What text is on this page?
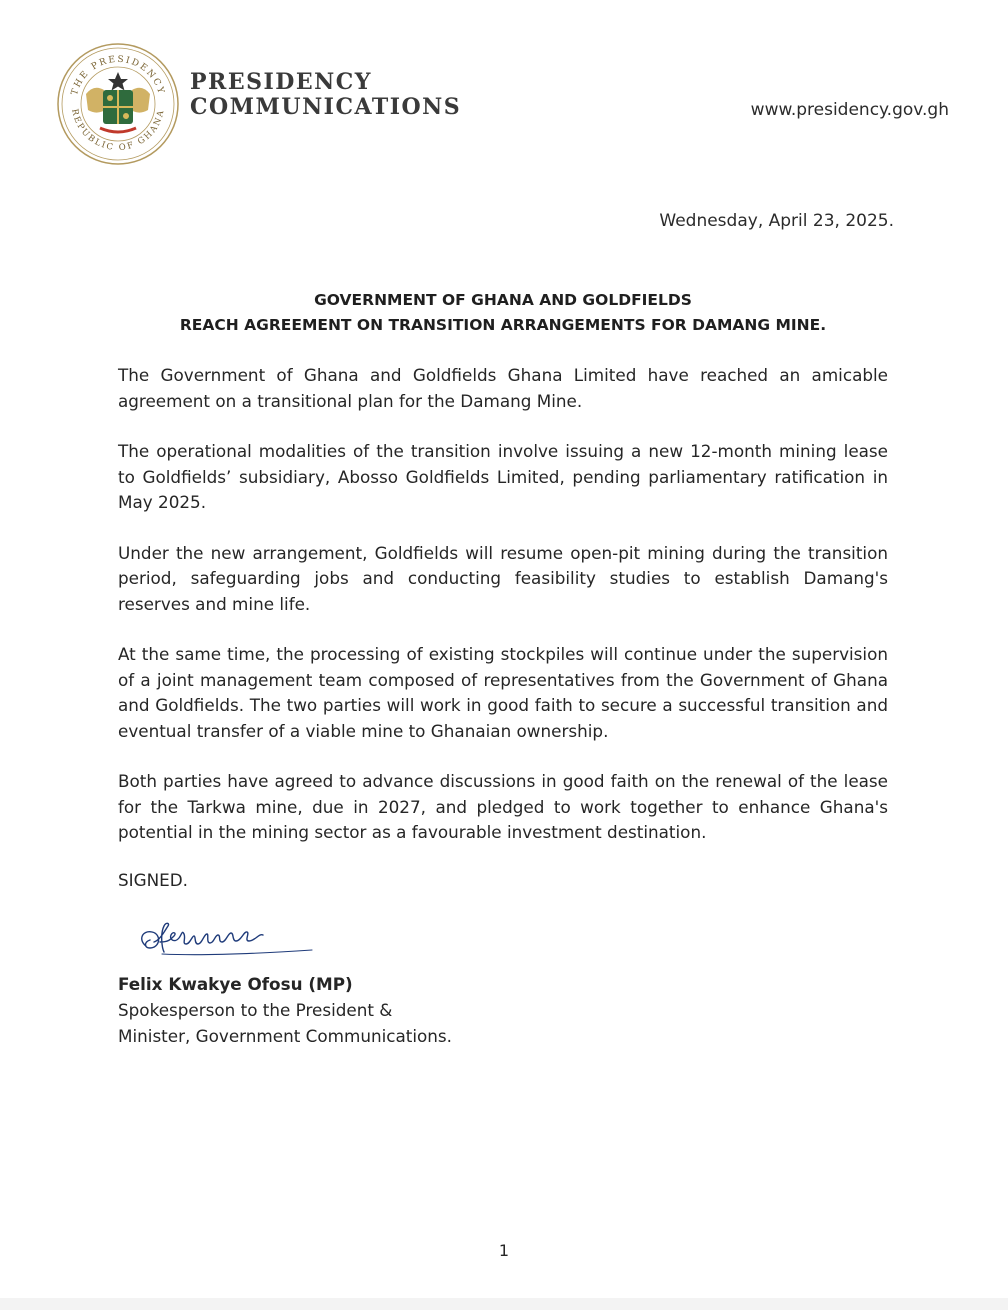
THE PRESIDENCY
REPUBLIC OF GHANA
PRESIDENCY
COMMUNICATIONS	www.presidency.gov.gh
Wednesday, April 23, 2025.
GOVERNMENT OF GHANA AND GOLDFIELDS
REACH AGREEMENT ON TRANSITION ARRANGEMENTS FOR DAMANG MINE.

The Government of Ghana and Goldfields Ghana Limited have reached an amicable agreement on a transitional plan for the Damang Mine.

The operational modalities of the transition involve issuing a new 12-month mining lease to Goldfields’ subsidiary, Abosso Goldfields Limited, pending parliamentary ratification in May 2025.

Under the new arrangement, Goldfields will resume open-pit mining during the transition period, safeguarding jobs and conducting feasibility studies to establish Damang's reserves and mine life.

At the same time, the processing of existing stockpiles will continue under the supervision of a joint management team composed of representatives from the Government of Ghana and Goldfields. The two parties will work in good faith to secure a successful transition and eventual transfer of a viable mine to Ghanaian ownership.

Both parties have agreed to advance discussions in good faith on the renewal of the lease for the Tarkwa mine, due in 2027, and pledged to work together to enhance Ghana's potential in the mining sector as a favourable investment destination.

SIGNED.
Felix Kwakye Ofosu (MP)
Spokesperson to the President &
Minister, Government Communications.
1
